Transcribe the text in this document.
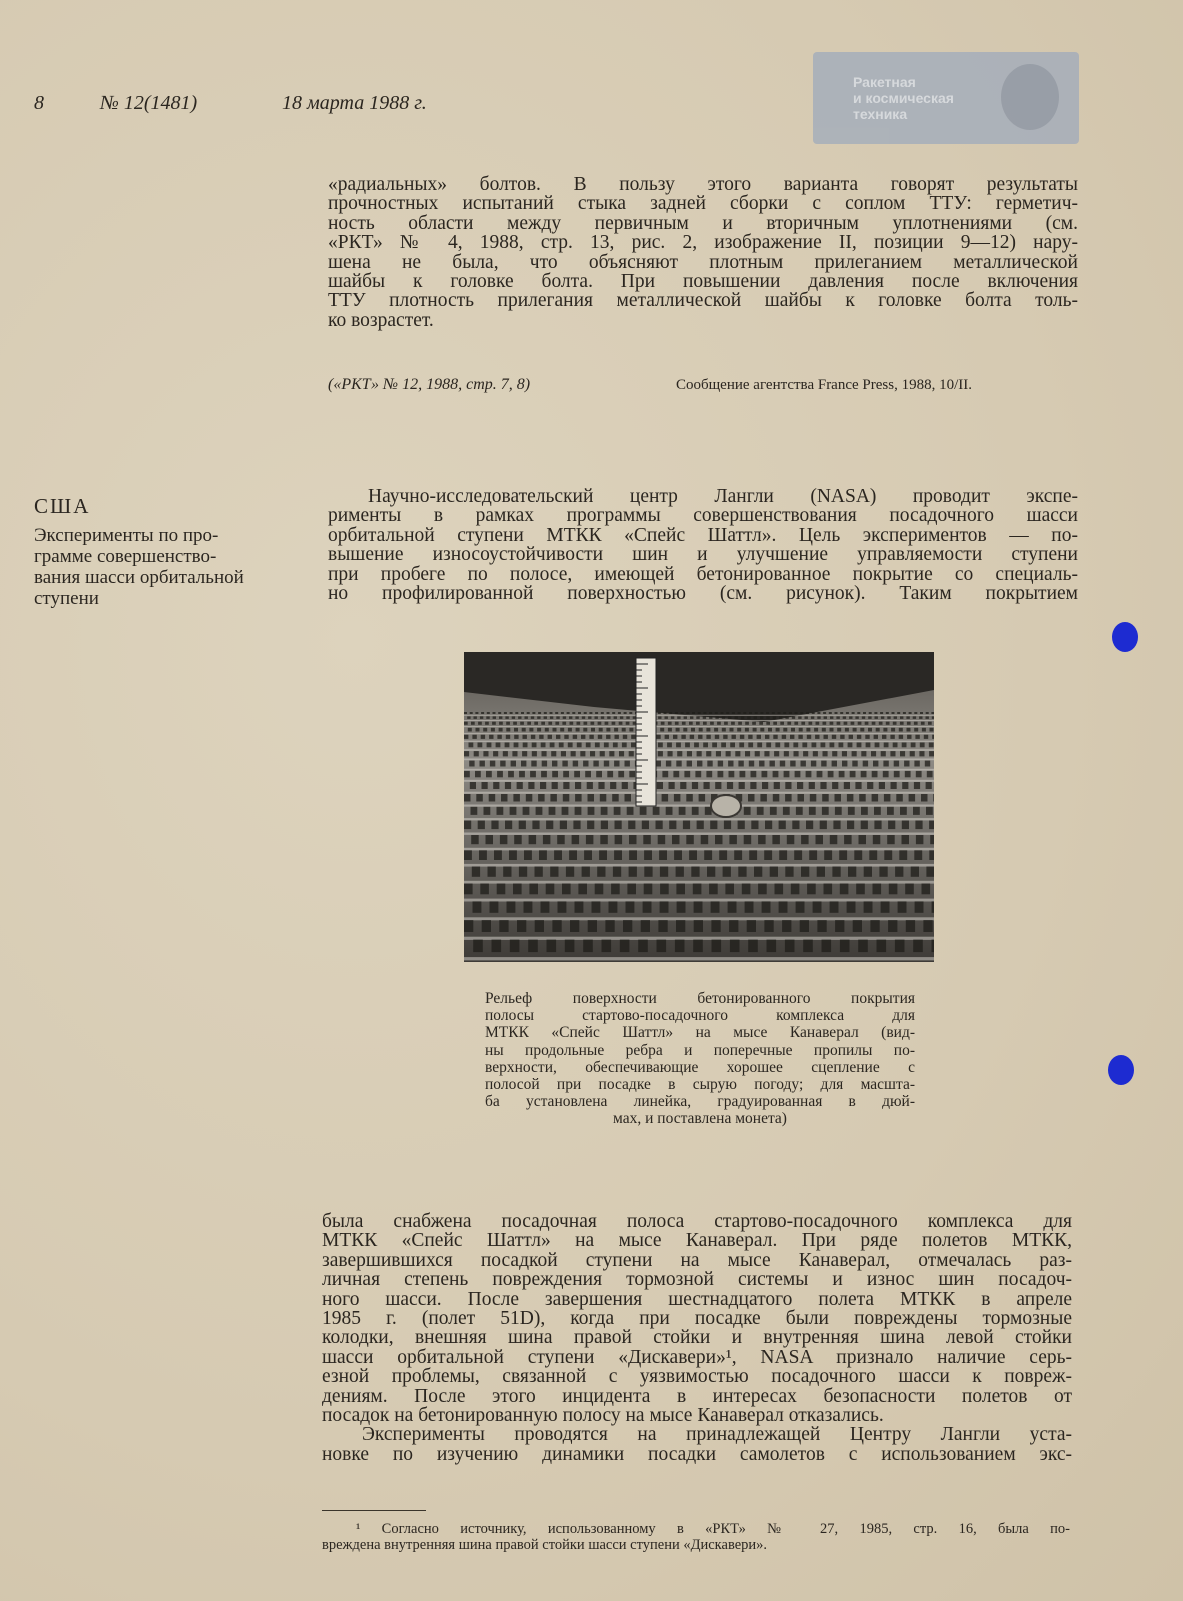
8	№ 12(1481)	18 марта 1988 г.
Ракетная
и космическая
техника
«радиальных» болтов. В пользу этого варианта говорят результаты
прочностных испытаний стыка задней сборки с соплом ТТУ: герметич-
ность области между первичным и вторичным уплотнениями (см.
«РКТ» № 4, 1988, стр. 13, рис. 2, изображение II, позиции 9—12) нару-
шена не была, что объясняют плотным прилеганием металлической
шайбы к головке болта. При повышении давления после включения
ТТУ плотность прилегания металлической шайбы к головке болта толь-
ко возрастет.
(«РКТ» № 12, 1988, стр. 7, 8)	Сообщение агентства France Press, 1988, 10/II.
США
Эксперименты по про-
грамме совершенство-
вания шасси орбитальной
ступени
Научно-исследовательский центр Лангли (NASA) проводит экспе-
рименты в рамках программы совершенствования посадочного шасси
орбитальной ступени МТКК «Спейс Шаттл». Цель экспериментов — по-
вышение износоустойчивости шин и улучшение управляемости ступени
при пробеге по полосе, имеющей бетонированное покрытие со специаль-
но профилированной поверхностью (см. рисунок). Таким покрытием
Рельеф поверхности бетонированного покрытия
полосы стартово-посадочного комплекса для
МТКК «Спейс Шаттл» на мысе Канаверал (вид-
ны продольные ребра и поперечные пропилы по-
верхности, обеспечивающие хорошее сцепление с
полосой при посадке в сырую погоду; для масшта-
ба установлена линейка, градуированная в дюй-
мах, и поставлена монета)
была снабжена посадочная полоса стартово-посадочного комплекса для
МТКК «Спейс Шаттл» на мысе Канаверал. При ряде полетов МТКК,
завершившихся посадкой ступени на мысе Канаверал, отмечалась раз-
личная степень повреждения тормозной системы и износ шин посадоч-
ного шасси. После завершения шестнадцатого полета МТКК в апреле
1985 г. (полет 51D), когда при посадке были повреждены тормозные
колодки, внешняя шина правой стойки и внутренняя шина левой стойки
шасси орбитальной ступени «Дискавери»¹, NASA признало наличие серь-
езной проблемы, связанной с уязвимостью посадочного шасси к повреж-
дениям. После этого инцидента в интересах безопасности полетов от
посадок на бетонированную полосу на мысе Канаверал отказались.
Эксперименты проводятся на принадлежащей Центру Лангли уста-
новке по изучению динамики посадки самолетов с использованием экс-
¹ Согласно источнику, использованному в «РКТ» № 27, 1985, стр. 16, была по-
вреждена внутренняя шина правой стойки шасси ступени «Дискавери».
